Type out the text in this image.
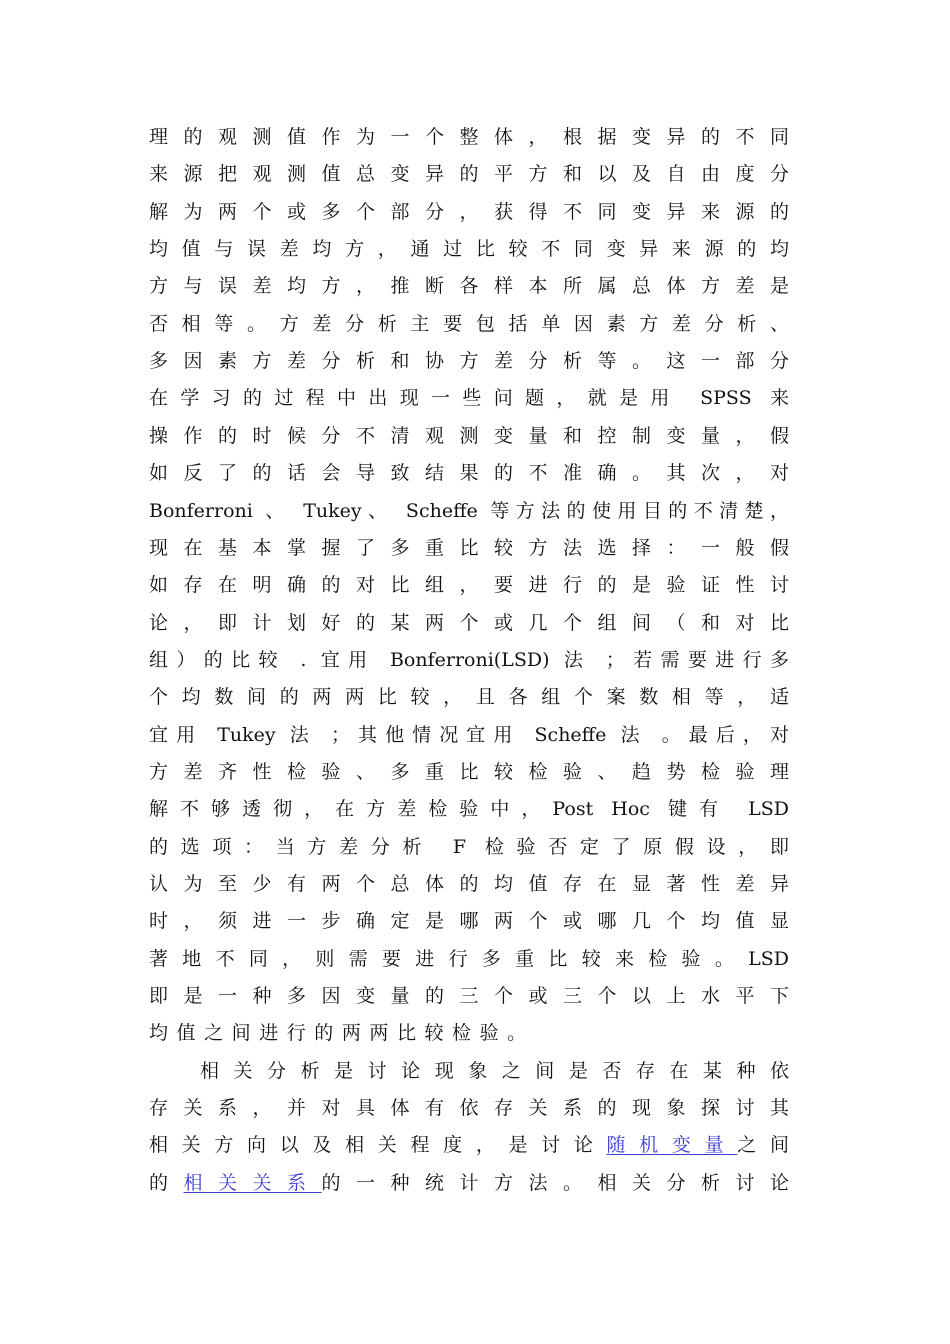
理的观测值作为一个整体，根据变异的不同
来源把观测值总变异的平方和以及自由度分
解为两个或多个部分，获得不同变异来源的
均值与误差均方，通过比较不同变异来源的均
方与误差均方，推断各样本所属总体方差是
否相等。方差分析主要包括单因素方差分析、
多因素方差分析和协方差分析等。这一部分
在学习的过程中出现一些问题，就是用 SPSS 来
操作的时候分不清观测变量和控制变量，假
如反了的话会导致结果的不准确。其次，对
Bonferroni 、 Tukey、 Scheffe 等方法的使用目的不清楚，
现在基本掌握了多重比较方法选择：一般假
如存在明确的对比组，要进行的是验证性讨
论，即计划好的某两个或几个组间（和对比
组）的比较 . 宜用 Bonferroni(LSD) 法 ；若需要进行多
个均数间的两两比较，且各组个案数相等，适
宜用 Tukey 法 ；其他情况宜用 Scheffe 法 。最后，对
方差齐性检验、多重比较检验、趋势检验理
解不够透彻，在方差检验中，Post Hoc 键有 LSD
的选项：当方差分析 F 检验否定了原假设，即
认为至少有两个总体的均值存在显著性差异
时，须进一步确定是哪两个或哪几个均值显
著地不同，则需要进行多重比较来检验。LSD
即是一种多因变量的三个或三个以上水平下
均值之间进行的两两比较检验。
相关分析是讨论现象之间是否存在某种依
存关系，并对具体有依存关系的现象探讨其
相关方向以及相关程度，是讨论随机变量之间
的相关关系的一种统计方法。相关分析讨论
